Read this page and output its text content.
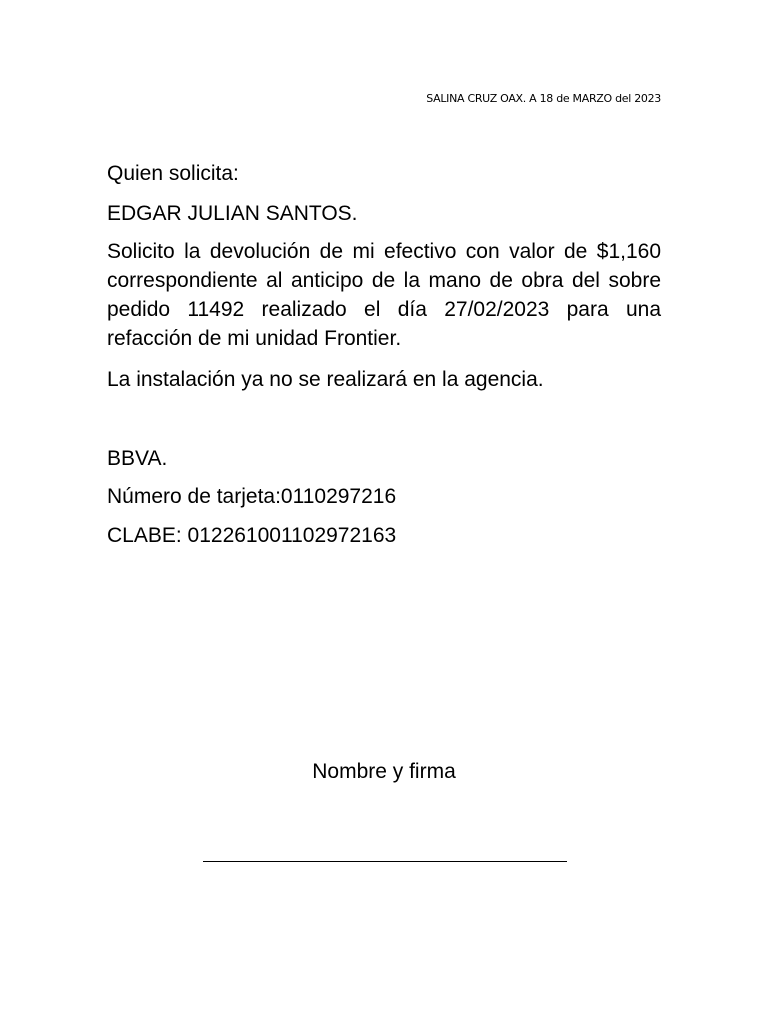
SALINA CRUZ OAX. A 18 de MARZO del 2023

Quien solicita:

EDGAR JULIAN SANTOS.

Solicito la devolución de mi efectivo con valor de $1,160 correspondiente al anticipo de la mano de obra del sobre pedido 11492 realizado el día 27/02/2023 para una refacción de mi unidad Frontier.

La instalación ya no se realizará en la agencia.

BBVA.

Número de tarjeta:0110297216

CLABE: 012261001102972163

Nombre y firma
